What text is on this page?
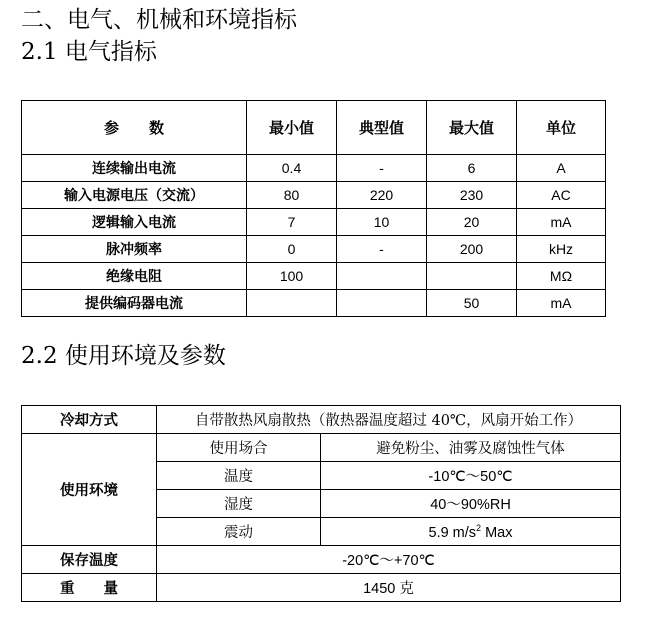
二、电气、机械和环境指标
2.1 电气指标
参　　数	最小值	典型值	最大值	单位
连续输出电流	0.4	-	6	A
输入电源电压（交流）	80	220	230	AC
逻辑输入电流	7	10	20	mA
脉冲频率	0	-	200	kHz
绝缘电阻	100			MΩ
提供编码器电流			50	mA
2.2 使用环境及参数
冷却方式	自带散热风扇散热（散热器温度超过 40℃，风扇开始工作）	
使用环境	使用场合	避免粉尘、油雾及腐蚀性气体
	温度	-10℃～50℃
	湿度	40～90%RH
	震动	5.9 $m/s^2$ Max
保存温度	-20℃～+70℃	
重　　量	1450 克	
